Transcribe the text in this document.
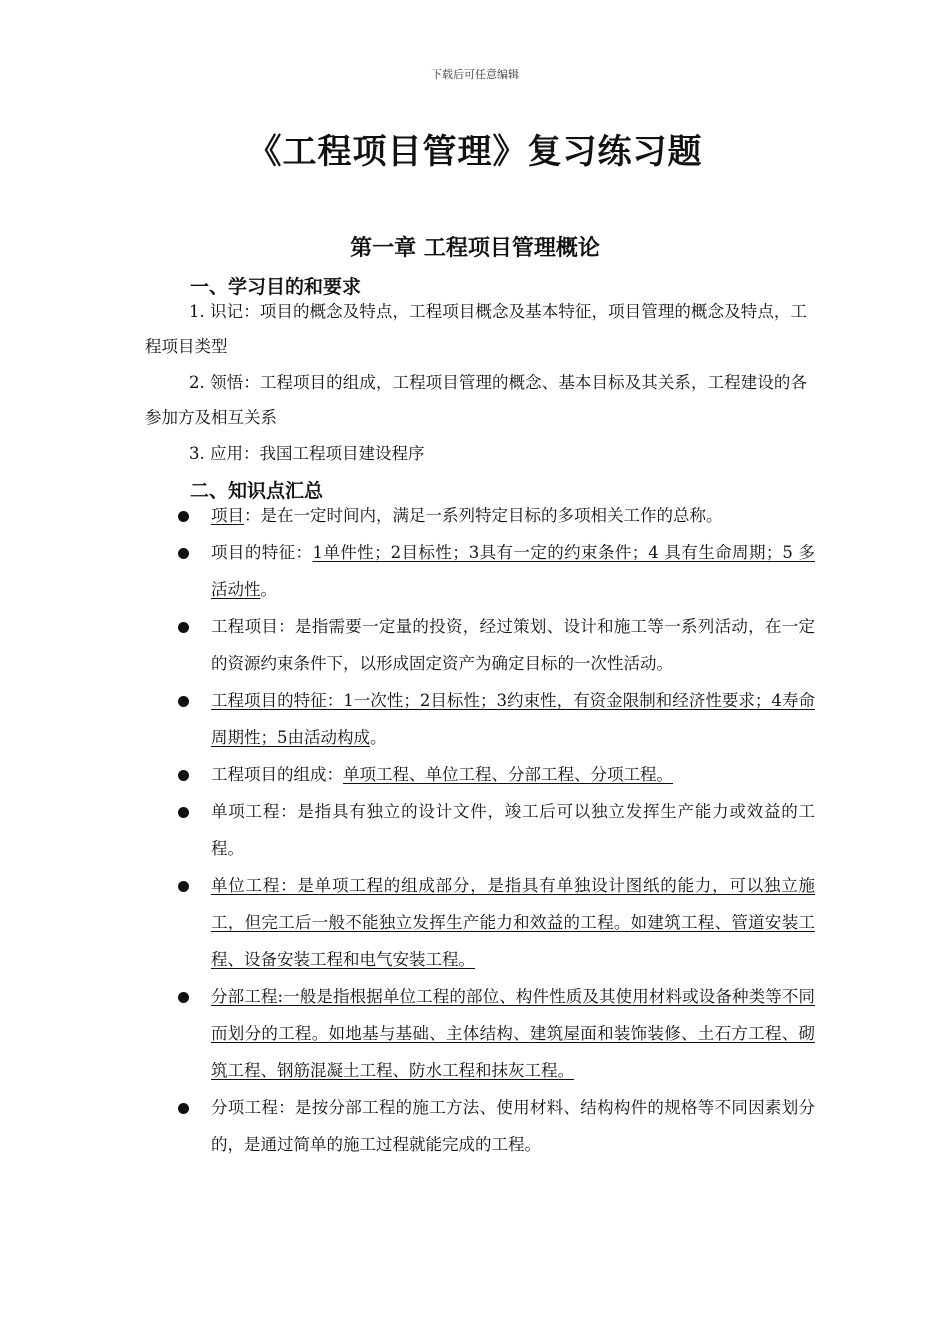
下载后可任意编辑
《工程项目管理》复习练习题
第一章 工程项目管理概论
一、学习目的和要求
1. 识记：项目的概念及特点，工程项目概念及基本特征，项目管理的概念及特点，工程项目类型
2. 领悟：工程项目的组成，工程项目管理的概念、基本目标及其关系，工程建设的各参加方及相互关系
3. 应用：我国工程项目建设程序
二、知识点汇总
项目：是在一定时间内，满足一系列特定目标的多项相关工作的总称。
项目的特征：1单件性；2目标性；3具有一定的约束条件；4 具有生命周期；5 多活动性。
工程项目：是指需要一定量的投资，经过策划、设计和施工等一系列活动，在一定的资源约束条件下，以形成固定资产为确定目标的一次性活动。
工程项目的特征：1一次性；2目标性；3约束性，有资金限制和经济性要求；4寿命周期性；5由活动构成。
工程项目的组成：单项工程、单位工程、分部工程、分项工程。
单项工程：是指具有独立的设计文件，竣工后可以独立发挥生产能力或效益的工程。
单位工程：是单项工程的组成部分，是指具有单独设计图纸的能力，可以独立施工，但完工后一般不能独立发挥生产能力和效益的工程。如建筑工程、管道安装工程、设备安装工程和电气安装工程。
分部工程:一般是指根据单位工程的部位、构件性质及其使用材料或设备种类等不同而划分的工程。如地基与基础、主体结构、建筑屋面和装饰装修、土石方工程、砌筑工程、钢筋混凝土工程、防水工程和抹灰工程。
分项工程：是按分部工程的施工方法、使用材料、结构构件的规格等不同因素划分的，是通过简单的施工过程就能完成的工程。
